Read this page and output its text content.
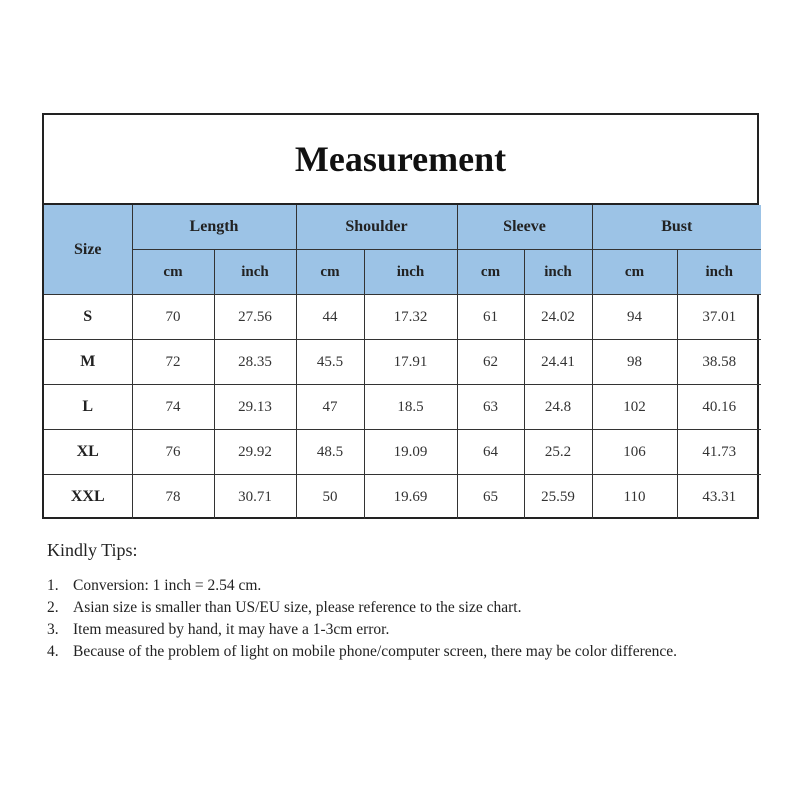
Measurement
Size	Length		Shoulder		Sleeve		Bust	
	cm	inch	cm	inch	cm	inch	cm	inch
S	70	27.56	44	17.32	61	24.02	94	37.01
M	72	28.35	45.5	17.91	62	24.41	98	38.58
L	74	29.13	47	18.5	63	24.8	102	40.16
XL	76	29.92	48.5	19.09	64	25.2	106	41.73
XXL	78	30.71	50	19.69	65	25.59	110	43.31
Kindly Tips:
1. Conversion: 1 inch = 2.54 cm.
2. Asian size is smaller than US/EU size, please reference to the size chart.
3. Item measured by hand, it may have a 1-3cm error.
4. Because of the problem of light on mobile phone/computer screen, there may be color difference.
